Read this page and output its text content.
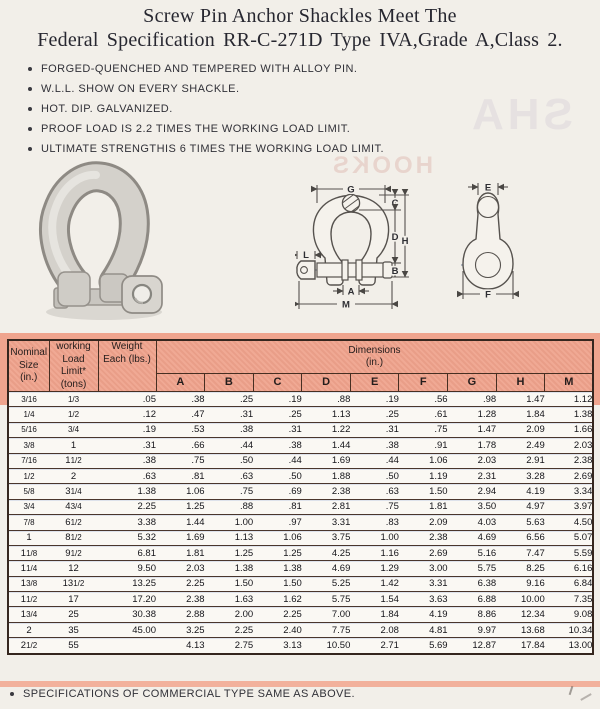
Screw Pin Anchor Shackles Meet The
Federal Specification RR-C-271D Type IVA,Grade A,Class 2.
FORGED-QUENCHED AND TEMPERED WITH ALLOY PIN.
W.L.L. SHOW ON EVERY SHACKLE.
HOT. DIP. GALVANIZED.
PROOF LOAD IS 2.2 TIMES THE WORKING LOAD LIMIT.
ULTIMATE STRENGTHIS 6 TIMES THE WORKING LOAD LIMIT.
SHA
HOOKS
G
C
D H
B
L
A
M
E
F
Nominal
Size
(in.)	working
Load
Limit*
(tons)	Weight
Each (lbs.)	Dimensions
(in.)								

			A	B	C	D	E	F	G	H	M
3/16	1/3	.05	.38	.25	.19	.88	.19	.56	.98	1.47	1.12
1/4	1/2	.12	.47	.31	.25	1.13	.25	.61	1.28	1.84	1.38
5/16	3/4	.19	.53	.38	.31	1.22	.31	.75	1.47	2.09	1.66
3/8	1	.31	.66	.44	.38	1.44	.38	.91	1.78	2.49	2.03
7/16	11/2	.38	.75	.50	.44	1.69	.44	1.06	2.03	2.91	2.38
1/2	2	.63	.81	.63	.50	1.88	.50	1.19	2.31	3.28	2.69
5/8	31/4	1.38	1.06	.75	.69	2.38	.63	1.50	2.94	4.19	3.34
3/4	43/4	2.25	1.25	.88	.81	2.81	.75	1.81	3.50	4.97	3.97
7/8	61/2	3.38	1.44	1.00	.97	3.31	.83	2.09	4.03	5.63	4.50
1	81/2	5.32	1.69	1.13	1.06	3.75	1.00	2.38	4.69	6.56	5.07
11/8	91/2	6.81	1.81	1.25	1.25	4.25	1.16	2.69	5.16	7.47	5.59
11/4	12	9.50	2.03	1.38	1.38	4.69	1.29	3.00	5.75	8.25	6.16
13/8	131/2	13.25	2.25	1.50	1.50	5.25	1.42	3.31	6.38	9.16	6.84
11/2	17	17.20	2.38	1.63	1.62	5.75	1.54	3.63	6.88	10.00	7.35
13/4	25	30.38	2.88	2.00	2.25	7.00	1.84	4.19	8.86	12.34	9.08
2	35	45.00	3.25	2.25	2.40	7.75	2.08	4.81	9.97	13.68	10.34
21/2	55		4.13	2.75	3.13	10.50	2.71	5.69	12.87	17.84	13.00
SPECIFICATIONS OF COMMERCIAL TYPE SAME AS ABOVE.
